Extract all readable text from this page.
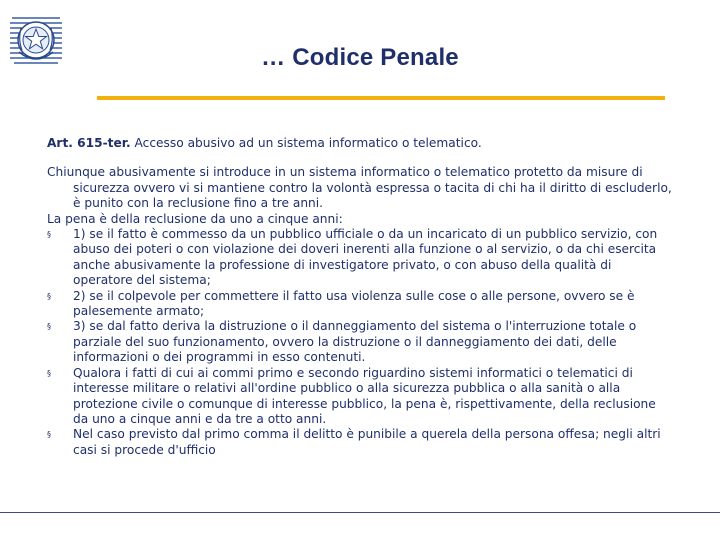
… Codice Penale

Art. 615-ter. Accesso abusivo ad un sistema informatico o telematico.

Chiunque abusivamente si introduce in un sistema informatico o telematico protetto da misure di sicurezza ovvero vi si mantiene contro la volontà espressa o tacita di chi ha il diritto di escluderlo, è punito con la reclusione fino a tre anni.

La pena è della reclusione da uno a cinque anni:

§ 1) se il fatto è commesso da un pubblico ufficiale o da un incaricato di un pubblico servizio, con abuso dei poteri o con violazione dei doveri inerenti alla funzione o al servizio, o da chi esercita anche abusivamente la professione di investigatore privato, o con abuso della qualità di operatore del sistema;
§ 2) se il colpevole per commettere il fatto usa violenza sulle cose o alle persone, ovvero se è palesemente armato;
§ 3) se dal fatto deriva la distruzione o il danneggiamento del sistema o l'interruzione totale o parziale del suo funzionamento, ovvero la distruzione o il danneggiamento dei dati, delle informazioni o dei programmi in esso contenuti.
§ Qualora i fatti di cui ai commi primo e secondo riguardino sistemi informatici o telematici di interesse militare o relativi all'ordine pubblico o alla sicurezza pubblica o alla sanità o alla protezione civile o comunque di interesse pubblico, la pena è, rispettivamente, della reclusione da uno a cinque anni e da tre a otto anni.
§ Nel caso previsto dal primo comma il delitto è punibile a querela della persona offesa; negli altri casi si procede d'ufficio
